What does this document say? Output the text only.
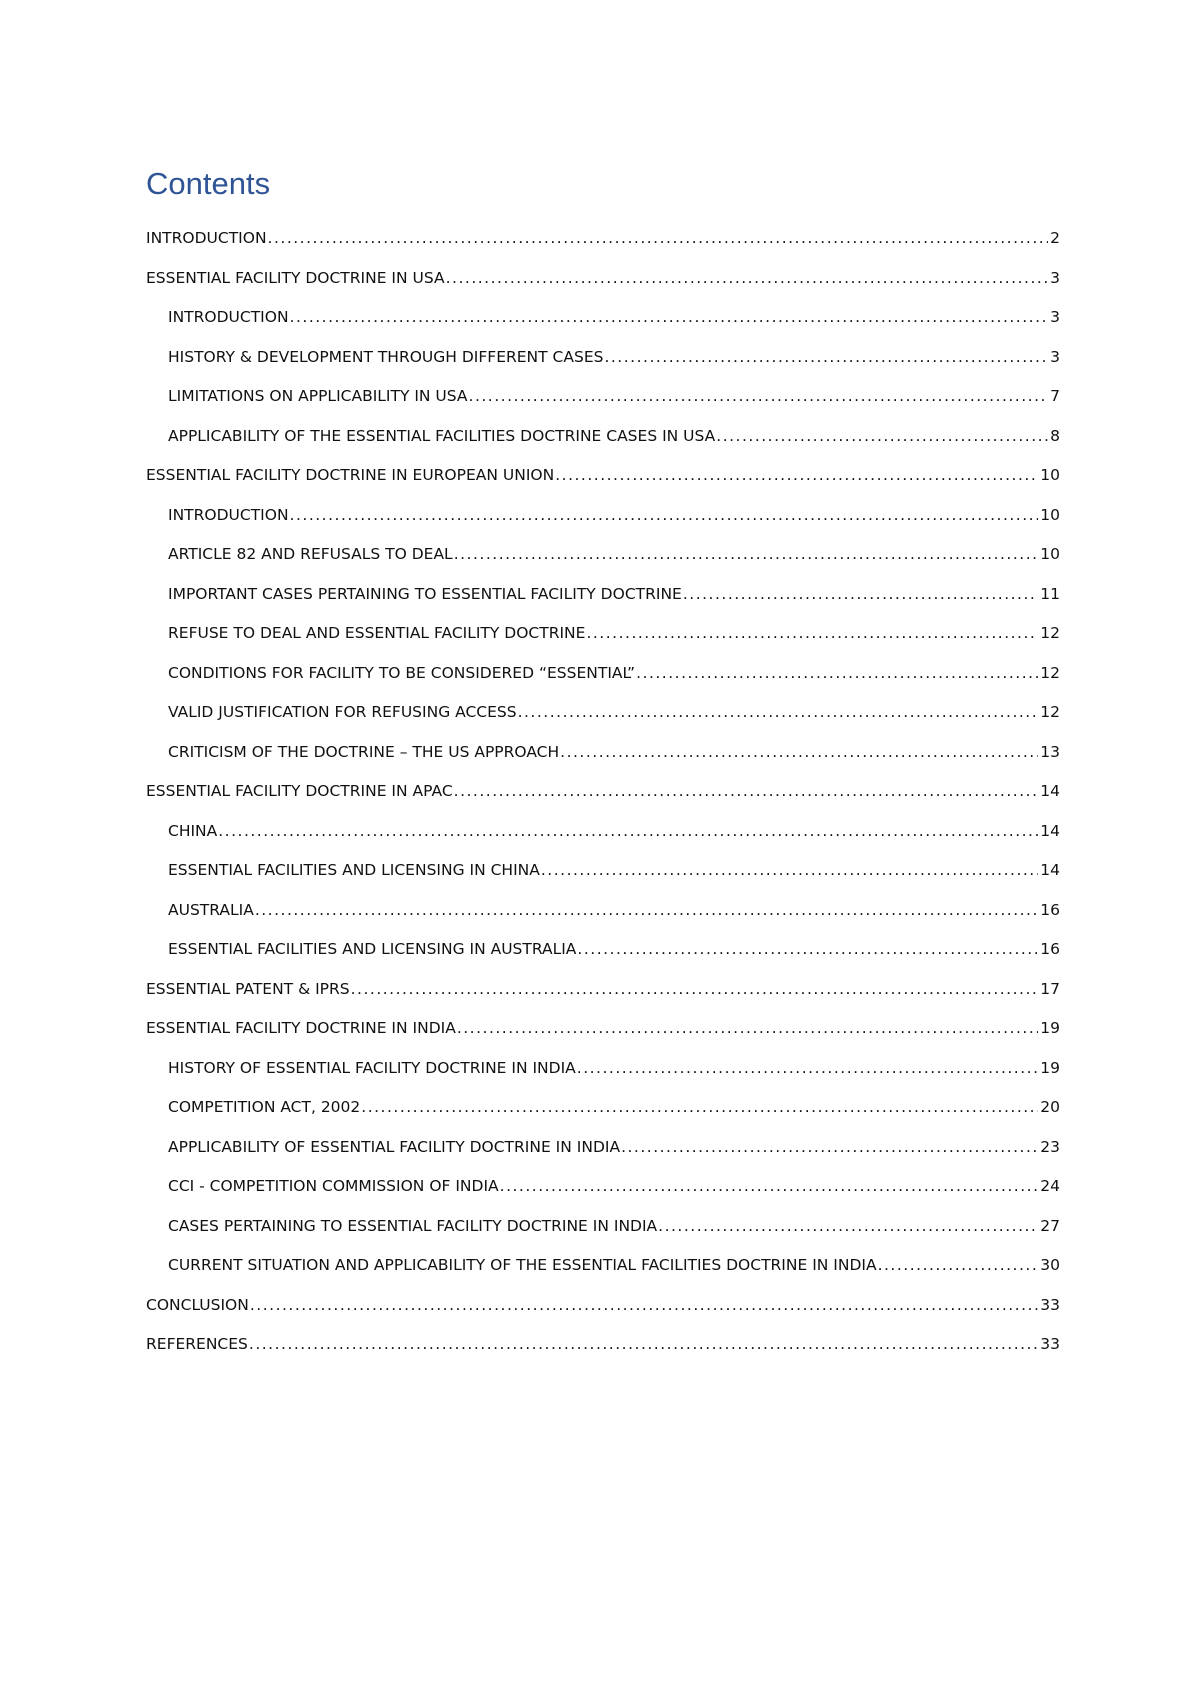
Contents
INTRODUCTION .....	2
ESSENTIAL FACILITY DOCTRINE IN USA .....	3
INTRODUCTION .....	3
HISTORY & DEVELOPMENT THROUGH DIFFERENT CASES .....	3
LIMITATIONS ON APPLICABILITY IN USA .....	7
APPLICABILITY OF THE ESSENTIAL FACILITIES DOCTRINE CASES IN USA .....	8
ESSENTIAL FACILITY DOCTRINE IN EUROPEAN UNION .....	10
INTRODUCTION .....	10
ARTICLE 82 AND REFUSALS TO DEAL .....	10
IMPORTANT CASES PERTAINING TO ESSENTIAL FACILITY DOCTRINE .....	11
REFUSE TO DEAL AND ESSENTIAL FACILITY DOCTRINE .....	12
CONDITIONS FOR FACILITY TO BE CONSIDERED “ESSENTIAL” .....	12
VALID JUSTIFICATION FOR REFUSING ACCESS .....	12
CRITICISM OF THE DOCTRINE – THE US APPROACH .....	13
ESSENTIAL FACILITY DOCTRINE IN APAC .....	14
CHINA .....	14
ESSENTIAL FACILITIES AND LICENSING IN CHINA .....	14
AUSTRALIA .....	16
ESSENTIAL FACILITIES AND LICENSING IN AUSTRALIA .....	16
ESSENTIAL PATENT & IPRS .....	17
ESSENTIAL FACILITY DOCTRINE IN INDIA .....	19
HISTORY OF ESSENTIAL FACILITY DOCTRINE IN INDIA .....	19
COMPETITION ACT, 2002 .....	20
APPLICABILITY OF ESSENTIAL FACILITY DOCTRINE IN INDIA .....	23
CCI - COMPETITION COMMISSION OF INDIA .....	24
CASES PERTAINING TO ESSENTIAL FACILITY DOCTRINE IN INDIA .....	27
CURRENT SITUATION AND APPLICABILITY OF THE ESSENTIAL FACILITIES DOCTRINE IN INDIA .....	30
CONCLUSION .....	33
REFERENCES .....	33
